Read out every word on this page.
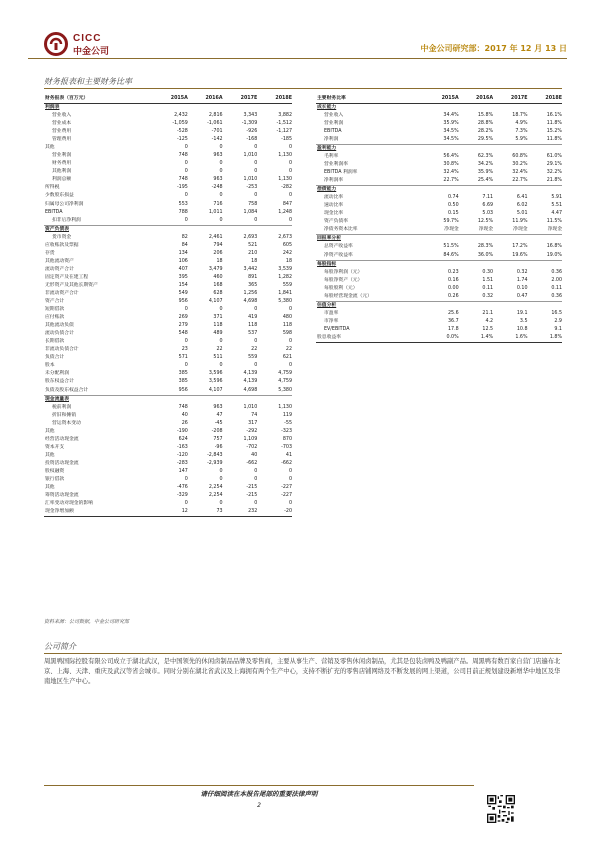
CICC
中金公司	中金公司研究部：2017 年 12 月 13 日
财务报表和主要财务比率
财务报表（百万元）	2015A	2016A	2017E	2018E
利润表				
营业收入	2,432	2,816	3,343	3,882
营业成本	-1,059	-1,061	-1,309	-1,512
营业费用	-528	-701	-926	-1,127
管理费用	-125	-142	-168	-185
其他	0	0	0	0
营业利润	748	963	1,010	1,130
财务费用	0	0	0	0
其他利润	0	0	0	0
利润总额	748	963	1,010	1,130
所得税	-195	-248	-253	-282
少数股东损益	0	0	0	0
归属母公司净利润	553	716	758	847
EBITDA	788	1,011	1,084	1,248
扣非后净利润	0	0	0	0
资产负债表				
货币资金	82	2,461	2,693	2,673
应收账款及票据	84	794	521	605
存货	134	206	210	242
其他流动资产	106	18	18	18
流动资产合计	407	3,479	3,442	3,539
固定资产及在建工程	395	460	891	1,282
无形资产及其他长期资产	154	168	365	559
非流动资产合计	549	628	1,256	1,841
资产合计	956	4,107	4,698	5,380
短期借款	0	0	0	0
应付账款	269	371	419	480
其他流动负债	279	118	118	118
流动负债合计	548	489	537	598
长期借款	0	0	0	0
非流动负债合计	23	22	22	22
负债合计	571	511	559	621
股本	0	0	0	0
未分配利润	385	3,596	4,139	4,759
股东权益合计	385	3,596	4,139	4,759
负债及股东权益合计	956	4,107	4,698	5,380
现金流量表				
税前利润	748	963	1,010	1,130
折旧和摊销	40	47	74	119
营运资本变动	26	-45	317	-55
其他	-190	-208	-292	-323
经营活动现金流	624	757	1,109	870
资本开支	-163	-96	-702	-703
其他	-120	-2,843	40	41
投资活动现金流	-283	-2,939	-662	-662
股权融资	147	0	0	0
银行借款	0	0	0	0
其他	-476	2,254	-215	-227
筹资活动现金流	-329	2,254	-215	-227
汇率变动对现金的影响	0	0	0	0
现金净增加额	12	73	232	-20
主要财务比率	2015A	2016A	2017E	2018E
成长能力				
营业收入	34.4%	15.8%	18.7%	16.1%
营业利润	35.9%	28.8%	4.9%	11.8%
EBITDA	34.5%	28.2%	7.3%	15.2%
净利润	34.5%	29.5%	5.9%	11.8%
盈利能力				
毛利率	56.4%	62.3%	60.8%	61.0%
营业利润率	30.8%	34.2%	30.2%	29.1%
EBITDA 利润率	32.4%	35.9%	32.4%	32.2%
净利润率	22.7%	25.4%	22.7%	21.8%
偿债能力				
流动比率	0.74	7.11	6.41	5.91
速动比率	0.50	6.69	6.02	5.51
现金比率	0.15	5.03	5.01	4.47
资产负债率	59.7%	12.5%	11.9%	11.5%
净债务资本比率	净现金	净现金	净现金	净现金
回报率分析				
总资产收益率	51.5%	28.3%	17.2%	16.8%
净资产收益率	84.6%	36.0%	19.6%	19.0%
每股指标				
每股净利润（元）	0.23	0.30	0.32	0.36
每股净资产（元）	0.16	1.51	1.74	2.00
每股股利（元）	0.00	0.11	0.10	0.11
每股经营现金流（元）	0.26	0.32	0.47	0.36
估值分析				
市盈率	25.6	21.1	19.1	16.5
市净率	36.7	4.2	3.5	2.9
EV/EBITDA	17.8	12.5	10.8	9.1
股息收益率	0.0%	1.4%	1.6%	1.8%
资料来源：公司数据，中金公司研究部
公司简介
周黑鸭国际控股有限公司成立于湖北武汉，是中国领先的休闲卤制品品牌及零售商，主要从事生产、营销及零售休闲卤制品，尤其是包装卤鸭及鸭副产品。周黑鸭有数百家自营门店遍布北京、上海、天津、重庆及武汉等省会城市。同时分别在湖北省武汉及上海拥有两个生产中心，支持不断扩充的零售店铺网络及不断发展的网上渠道，公司目前正规划建设新增华中地区及华南地区生产中心。
请仔细阅读在本报告尾部的重要法律声明
2
